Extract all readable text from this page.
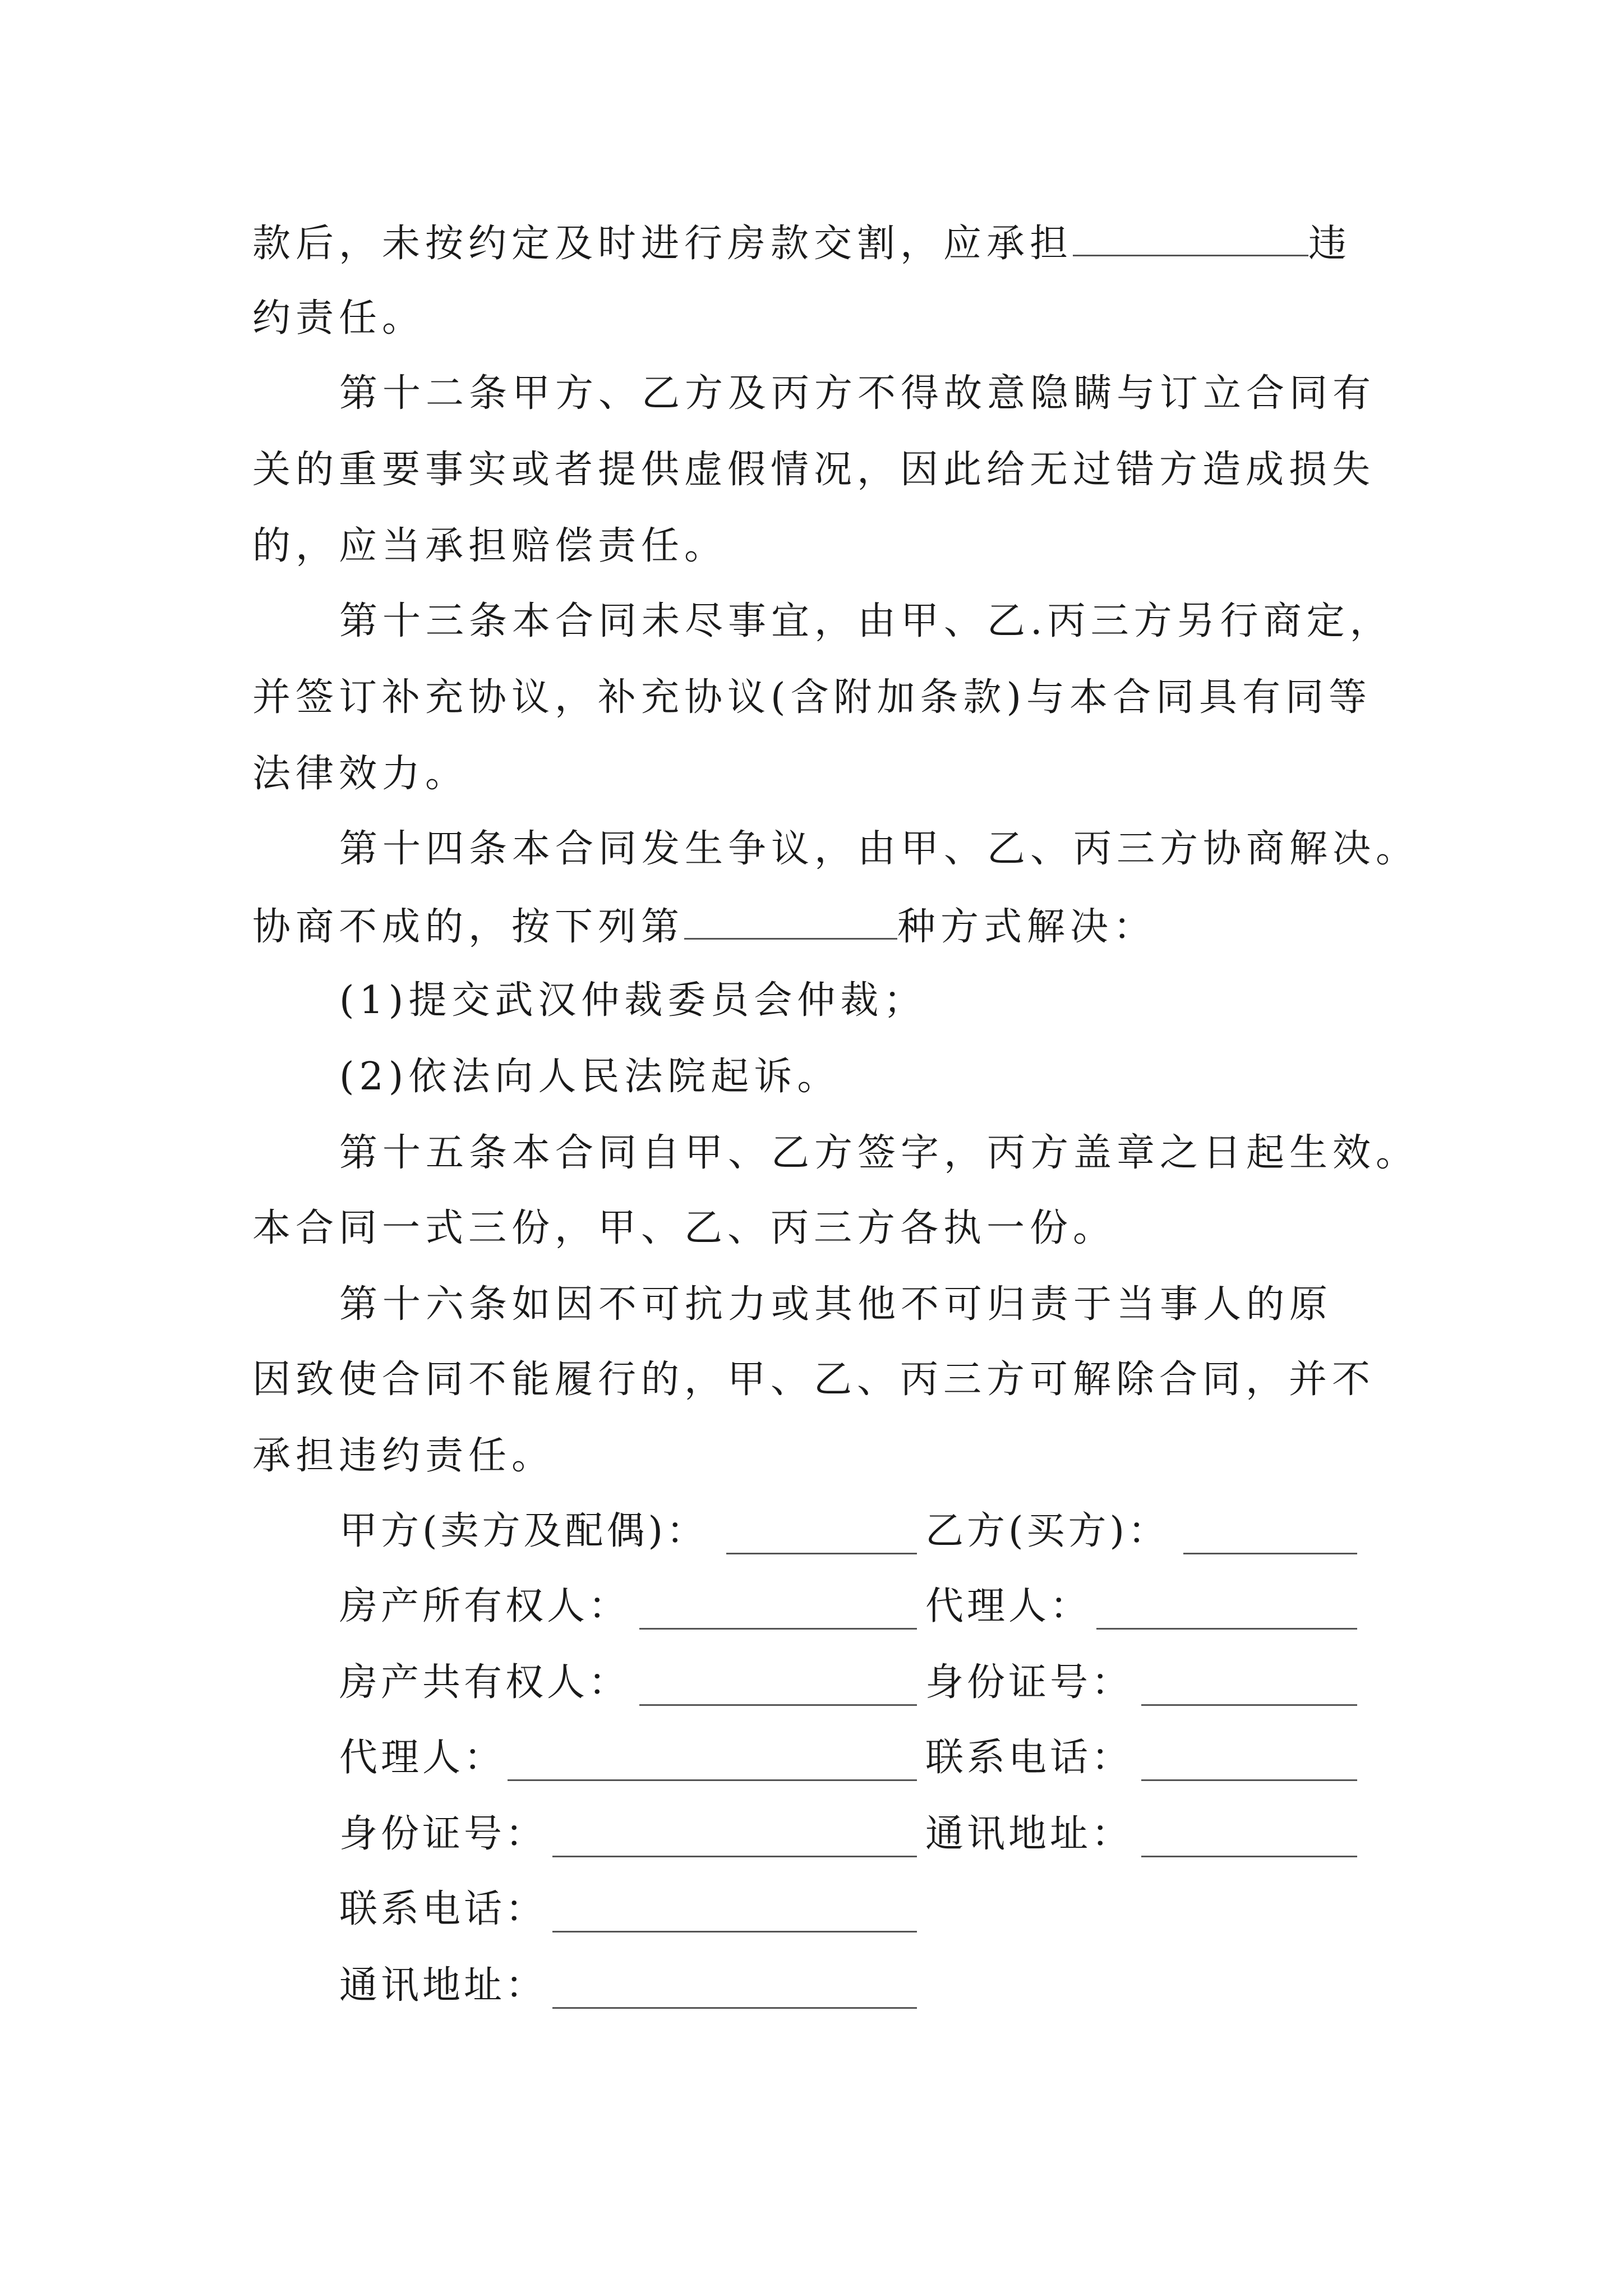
款后，未按约定及时进行房款交割，应承担	违
约责任。
第十二条甲方、乙方及丙方不得故意隐瞒与订立合同有
关的重要事实或者提供虚假情况，因此给无过错方造成损失
的，应当承担赔偿责任。
第十三条本合同未尽事宜，由甲、乙.丙三方另行商定，
并签订补充协议，补充协议(含附加条款)与本合同具有同等
法律效力。
第十四条本合同发生争议，由甲、乙、丙三方协商解决。
协商不成的，按下列第	种方式解决：
(1)提交武汉仲裁委员会仲裁；
(2)依法向人民法院起诉。
第十五条本合同自甲、乙方签字，丙方盖章之日起生效。
本合同一式三份，甲、乙、丙三方各执一份。
第十六条如因不可抗力或其他不可归责于当事人的原
因致使合同不能履行的，甲、乙、丙三方可解除合同，并不
承担违约责任。
甲方(卖方及配偶)：
房产所有权人：
房产共有权人：
代理人：
身份证号：
联系电话：
通讯地址：
乙方(买方)：
代理人：
身份证号：
联系电话：
通讯地址：
